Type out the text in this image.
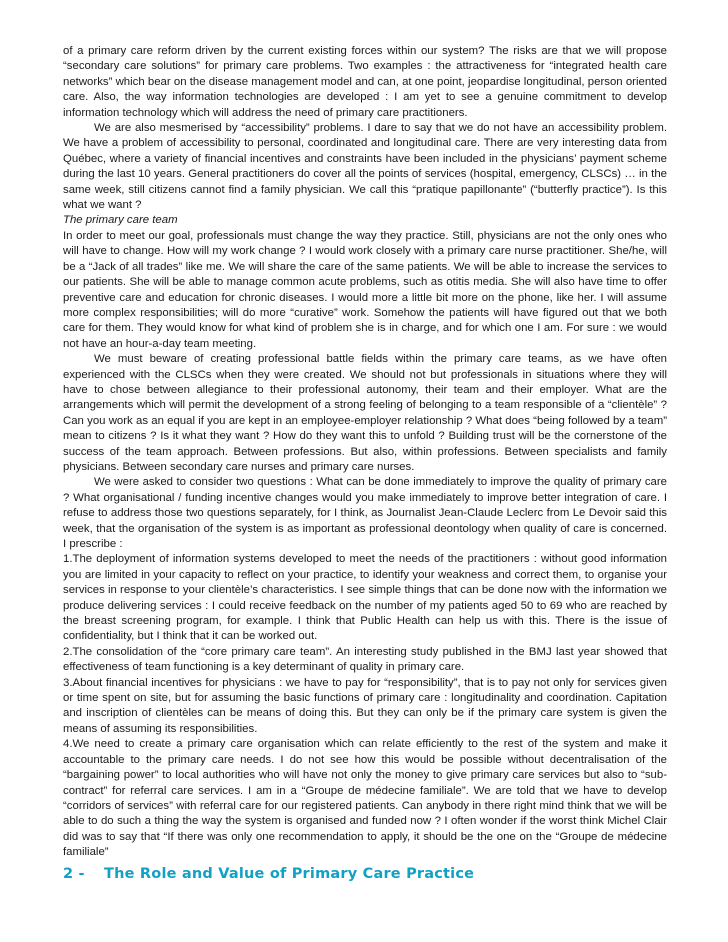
of a primary care reform driven by the current existing forces within our system? The risks are that we will propose “secondary care solutions” for primary care problems. Two examples : the attractiveness for “integrated health care networks” which bear on the disease management model and can, at one point, jeopardise longitudinal, person oriented care. Also, the way information technologies are developed : I am yet to see a genuine commitment to develop information technology which will address the need of primary care practitioners.

We are also mesmerised by “accessibility” problems. I dare to say that we do not have an accessibility problem. We have a problem of accessibility to personal, coordinated and longitudinal care. There are very interesting data from Québec, where a variety of financial incentives and constraints have been included in the physicians’ payment scheme during the last 10 years. General practitioners do cover all the points of services (hospital, emergency, CLSCs) … in the same week, still citizens cannot find a family physician. We call this “pratique papillonante” (“butterfly practice”). Is this what we want ?

The primary care team

In order to meet our goal, professionals must change the way they practice. Still, physicians are not the only ones who will have to change. How will my work change ? I would work closely with a primary care nurse practitioner. She/he, will be a “Jack of all trades” like me. We will share the care of the same patients. We will be able to increase the services to our patients. She will be able to manage common acute problems, such as otitis media. She will also have time to offer preventive care and education for chronic diseases. I would more a little bit more on the phone, like her. I will assume more complex responsibilities; will do more “curative” work. Somehow the patients will have figured out that we both care for them. They would know for what kind of problem she is in charge, and for which one I am. For sure : we would not have an hour-a-day team meeting.

We must beware of creating professional battle fields within the primary care teams, as we have often experienced with the CLSCs when they were created. We should not but professionals in situations where they will have to chose between allegiance to their professional autonomy, their team and their employer. What are the arrangements which will permit the development of a strong feeling of belonging to a team responsible of a “clientèle” ? Can you work as an equal if you are kept in an employee-employer relationship ? What does “being followed by a team” mean to citizens ? Is it what they want ? How do they want this to unfold ? Building trust will be the cornerstone of the success of the team approach. Between professions. But also, within professions. Between specialists and family physicians. Between secondary care nurses and primary care nurses.

We were asked to consider two questions : What can be done immediately to improve the quality of primary care ? What organisational / funding incentive changes would you make immediately to improve better integration of care. I refuse to address those two questions separately, for I think, as Journalist Jean-Claude Leclerc from Le Devoir said this week, that the organisation of the system is as important as professional deontology when quality of care is concerned. I prescribe :

1.The deployment of information systems developed to meet the needs of the practitioners : without good information you are limited in your capacity to reflect on your practice, to identify your weakness and correct them, to organise your services in response to your clientèle’s characteristics. I see simple things that can be done now with the information we produce delivering services : I could receive feedback on the number of my patients aged 50 to 69 who are reached by the breast screening program, for example. I think that Public Health can help us with this. There is the issue of confidentiality, but I think that it can be worked out.

2.The consolidation of the “core primary care team”. An interesting study published in the BMJ last year showed that effectiveness of team functioning is a key determinant of quality in primary care.

3.About financial incentives for physicians : we have to pay for “responsibility”, that is to pay not only for services given or time spent on site, but for assuming the basic functions of primary care : longitudinality and coordination. Capitation and inscription of clientèles can be means of doing this. But they can only be if the primary care system is given the means of assuming its responsibilities.

4.We need to create a primary care organisation which can relate efficiently to the rest of the system and make it accountable to the primary care needs. I do not see how this would be possible without decentralisation of the “bargaining power” to local authorities who will have not only the money to give primary care services but also to “sub-contract” for referral care services. I am in a “Groupe de médecine familiale”. We are told that we have to develop “corridors of services” with referral care for our registered patients. Can anybody in there right mind think that we will be able to do such a thing the way the system is organised and funded now ? I often wonder if the worst think Michel Clair did was to say that “If there was only one recommendation to apply, it should be the one on the “Groupe de médecine familiale”

2 - The Role and Value of Primary Care Practice
